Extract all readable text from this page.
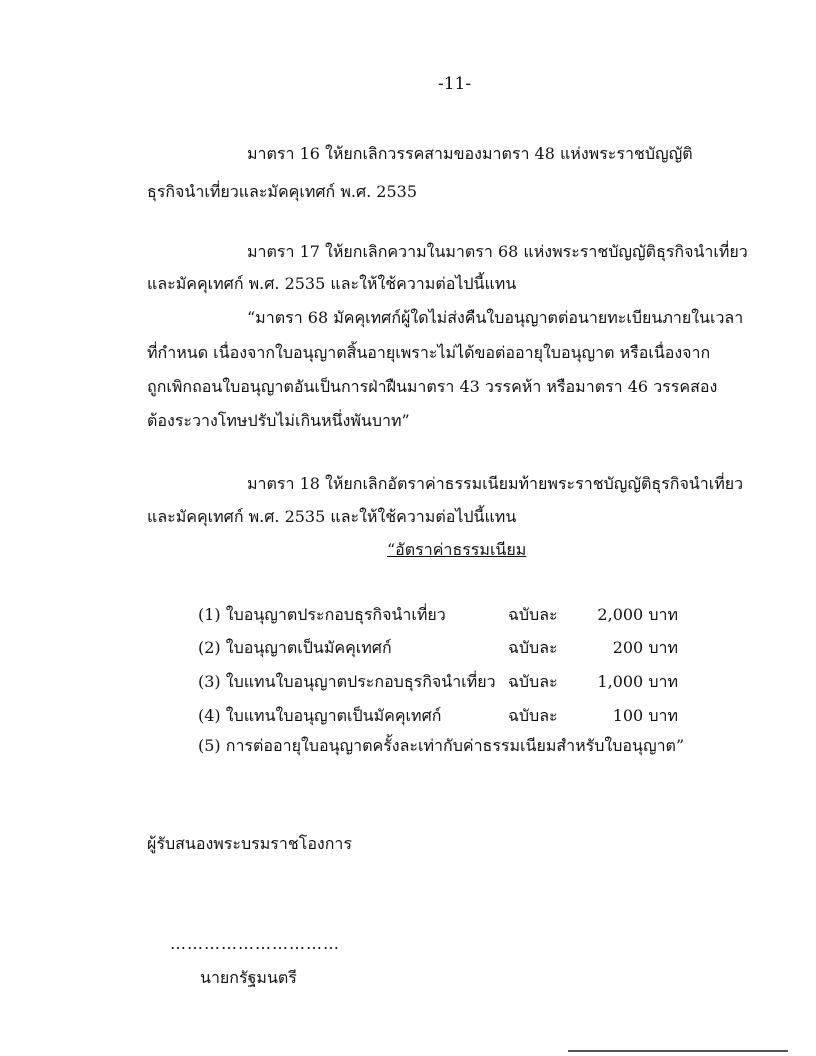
-11-
มาตรา 16 ให้ยกเลิกวรรคสามของมาตรา 48 แห่งพระราชบัญญัติ
ธุรกิจนำเที่ยวและมัคคุเทศก์ พ.ศ. 2535
มาตรา 17 ให้ยกเลิกความในมาตรา 68 แห่งพระราชบัญญัติธุรกิจนำเที่ยว
และมัคคุเทศก์ พ.ศ. 2535 และให้ใช้ความต่อไปนี้แทน
“มาตรา 68 มัคคุเทศก์ผู้ใดไม่ส่งคืนใบอนุญาตต่อนายทะเบียนภายในเวลา
ที่กำหนด เนื่องจากใบอนุญาตสิ้นอายุเพราะไม่ได้ขอต่ออายุใบอนุญาต หรือเนื่องจาก
ถูกเพิกถอนใบอนุญาตอันเป็นการฝ่าฝืนมาตรา 43 วรรคห้า หรือมาตรา 46 วรรคสอง
ต้องระวางโทษปรับไม่เกินหนึ่งพันบาท”
มาตรา 18 ให้ยกเลิกอัตราค่าธรรมเนียมท้ายพระราชบัญญัติธุรกิจนำเที่ยว
และมัคคุเทศก์ พ.ศ. 2535 และให้ใช้ความต่อไปนี้แทน
“อัตราค่าธรรมเนียม
(1) ใบอนุญาตประกอบธุรกิจนำเที่ยว	ฉบับละ 2,000 บาท
(2) ใบอนุญาตเป็นมัคคุเทศก์	ฉบับละ	200 บาท
(3) ใบแทนใบอนุญาตประกอบธุรกิจนำเที่ยว ฉบับละ 1,000 บาท
(4) ใบแทนใบอนุญาตเป็นมัคคุเทศก์	ฉบับละ	100 บาท
(5) การต่ออายุใบอนุญาตครั้งละเท่ากับค่าธรรมเนียมสำหรับใบอนุญาต”
ผู้รับสนองพระบรมราชโองการ
…………………………
นายกรัฐมนตรี
